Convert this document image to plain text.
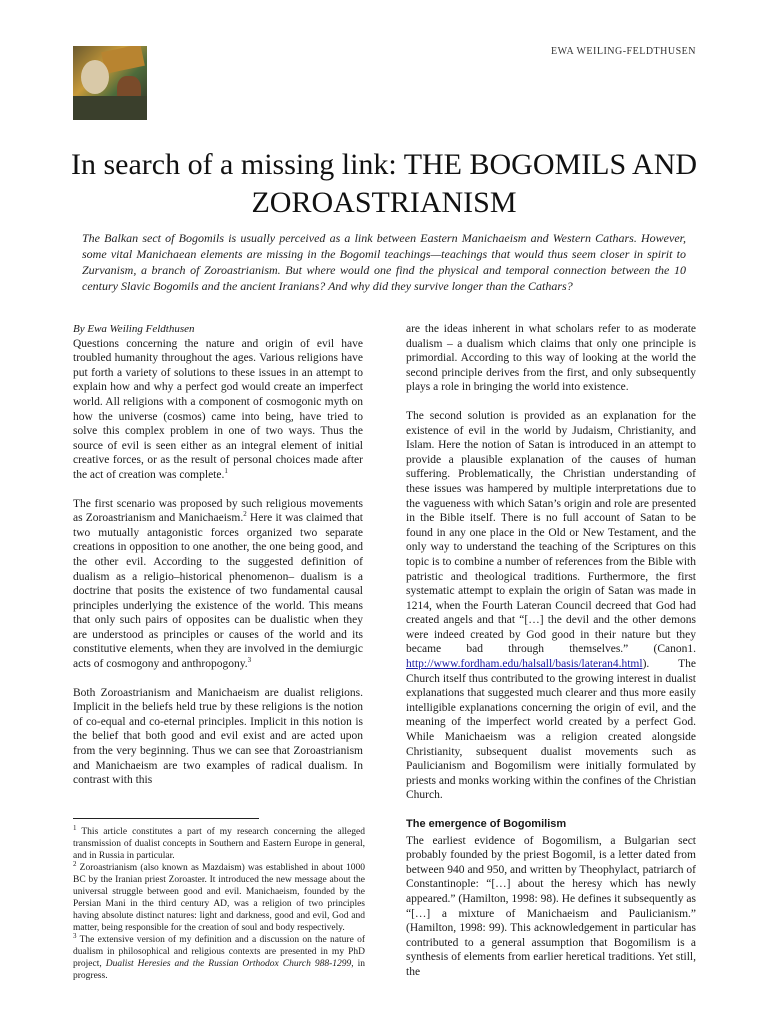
EWA WEILING-FELDTHUSEN
In search of a missing link: THE BOGOMILS AND ZOROASTRIANISM

The Balkan sect of Bogomils is usually perceived as a link between Eastern Manichaeism and Western Cathars. However, some vital Manichaean elements are missing in the Bogomil teachings—teachings that would thus seem closer in spirit to Zurvanism, a branch of Zoroastrianism. But where would one find the physical and temporal connection between the 10 century Slavic Bogomils and the ancient Iranians? And why did they survive longer than the Cathars?

By Ewa Weiling Feldthusen

Questions concerning the nature and origin of evil have troubled humanity throughout the ages. Various religions have put forth a variety of solutions to these issues in an attempt to explain how and why a perfect god would create an imperfect world. All religions with a component of cosmogonic myth on how the universe (cosmos) came into being, have tried to solve this complex problem in one of two ways. Thus the source of evil is seen either as an integral element of initial creative forces, or as the result of personal choices made after the act of creation was complete.$^1$

The first scenario was proposed by such religious movements as Zoroastrianism and Manichaeism.$^2$ Here it was claimed that two mutually antagonistic forces organized two separate creations in opposition to one another, the one being good, and the other evil. According to the suggested definition of dualism as a religio–historical phenomenon– dualism is a doctrine that posits the existence of two fundamental causal principles underlying the existence of the world. This means that only such pairs of opposites can be dualistic when they are understood as principles or causes of the world and its constitutive elements, when they are involved in the demiurgic acts of cosmogony and anthropogony.$^3$

Both Zoroastrianism and Manichaeism are dualist religions. Implicit in the beliefs held true by these religions is the notion of co-equal and co-eternal principles. Implicit in this notion is the belief that both good and evil exist and are acted upon from the very beginning. Thus we can see that Zoroastrianism and Manichaeism are two examples of radical dualism. In contrast with this

$^1$ This article constitutes a part of my research concerning the alleged transmission of dualist concepts in Southern and Eastern Europe in general, and in Russia in particular.

$^2$ Zoroastrianism (also known as Mazdaism) was established in about 1000 BC by the Iranian priest Zoroaster. It introduced the new message about the universal struggle between good and evil. Manichaeism, founded by the Persian Mani in the third century AD, was a religion of two principles having absolute distinct natures: light and darkness, good and evil, God and matter, being responsible for the creation of soul and body respectively.

$^3$ The extensive version of my definition and a discussion on the nature of dualism in philosophical and religious contexts are presented in my PhD project, Dualist Heresies and the Russian Orthodox Church 988-1299, in progress.

are the ideas inherent in what scholars refer to as moderate dualism – a dualism which claims that only one principle is primordial. According to this way of looking at the world the second principle derives from the first, and only subsequently plays a role in bringing the world into existence.

The second solution is provided as an explanation for the existence of evil in the world by Judaism, Christianity, and Islam. Here the notion of Satan is introduced in an attempt to provide a plausible explanation of the causes of human suffering. Problematically, the Christian understanding of these issues was hampered by multiple interpretations due to the vagueness with which Satan’s origin and role are presented in the Bible itself. There is no full account of Satan to be found in any one place in the Old or New Testament, and the only way to understand the teaching of the Scriptures on this topic is to combine a number of references from the Bible with patristic and theological traditions. Furthermore, the first systematic attempt to explain the origin of Satan was made in 1214, when the Fourth Lateran Council decreed that God had created angels and that “[…] the devil and the other demons were indeed created by God good in their nature but they became bad through themselves.” (Canon1. http://www.fordham.edu/halsall/basis/lateran4.html). The Church itself thus contributed to the growing interest in dualist explanations that suggested much clearer and thus more easily intelligible explanations concerning the origin of evil, and the meaning of the imperfect world created by a perfect God. While Manichaeism was a religion created alongside Christianity, subsequent dualist movements such as Paulicianism and Bogomilism were initially formulated by priests and monks working within the confines of the Christian Church.

The emergence of Bogomilism

The earliest evidence of Bogomilism, a Bulgarian sect probably founded by the priest Bogomil, is a letter dated from between 940 and 950, and written by Theophylact, patriarch of Constantinople: “[…] about the heresy which has newly appeared.” (Hamilton, 1998: 98). He defines it subsequently as “[…] a mixture of Manichaeism and Paulicianism.” (Hamilton, 1998: 99). This acknowledgement in particular has contributed to a general assumption that Bogomilism is a synthesis of elements from earlier heretical traditions. Yet still, the
